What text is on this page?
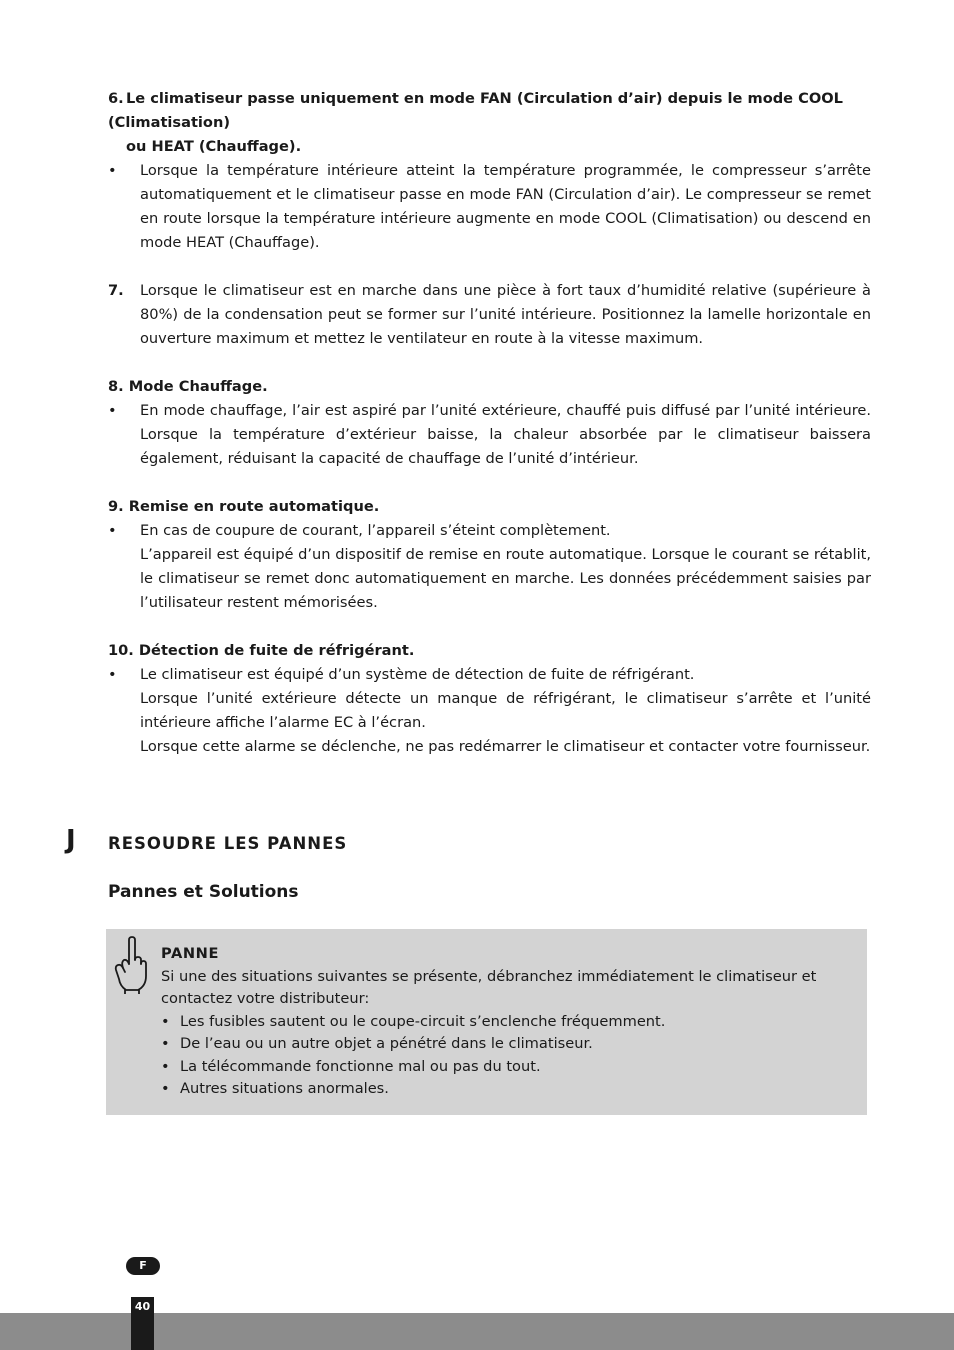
6. Le climatiseur passe uniquement en mode FAN (Circulation d’air) depuis le mode COOL (Climatisation)
ou HEAT (Chauffage).
•	Lorsque la température intérieure atteint la température programmée, le compresseur s’arrête automatiquement et le climatiseur passe en mode FAN (Circulation d’air). Le compresseur se remet en route lorsque la température intérieure augmente en mode COOL (Climatisation) ou descend en mode HEAT (Chauffage).
7.	Lorsque le climatiseur est en marche dans une pièce à fort taux d’humidité relative (supérieure à 80%) de la condensation peut se former sur l’unité intérieure. Positionnez la lamelle horizontale en ouverture maximum et mettez le ventilateur en route à la vitesse maximum.
8. Mode Chauffage.
•	En mode chauffage, l’air est aspiré par l’unité extérieure, chauffé puis diffusé par l’unité intérieure. Lorsque la température d’extérieur baisse, la chaleur absorbée par le climatiseur baissera également, réduisant la capacité de chauffage de l’unité d’intérieur.
9. Remise en route automatique.
•	En cas de coupure de courant, l’appareil s’éteint complètement.
L’appareil est équipé d’un dispositif de remise en route automatique. Lorsque le courant se rétablit, le climatiseur se remet donc automatiquement en marche. Les données précédemment saisies par l’utilisateur restent mémorisées.
10. Détection de fuite de réfrigérant.
•	Le climatiseur est équipé d’un système de détection de fuite de réfrigérant.
Lorsque l’unité extérieure détecte un manque de réfrigérant, le climatiseur s’arrête et l’unité intérieure affiche l’alarme EC à l’écran.
Lorsque cette alarme se déclenche, ne pas redémarrer le climatiseur et contacter votre fournisseur.
J RESOUDRE LES PANNES
Pannes et Solutions
PANNE
Si une des situations suivantes se présente, débranchez immédiatement le climatiseur et contactez votre distributeur:
• Les fusibles sautent ou le coupe-circuit s’enclenche fréquemment.
• De l’eau ou un autre objet a pénétré dans le climatiseur.
• La télécommande fonctionne mal ou pas du tout.
• Autres situations anormales.
F
40
